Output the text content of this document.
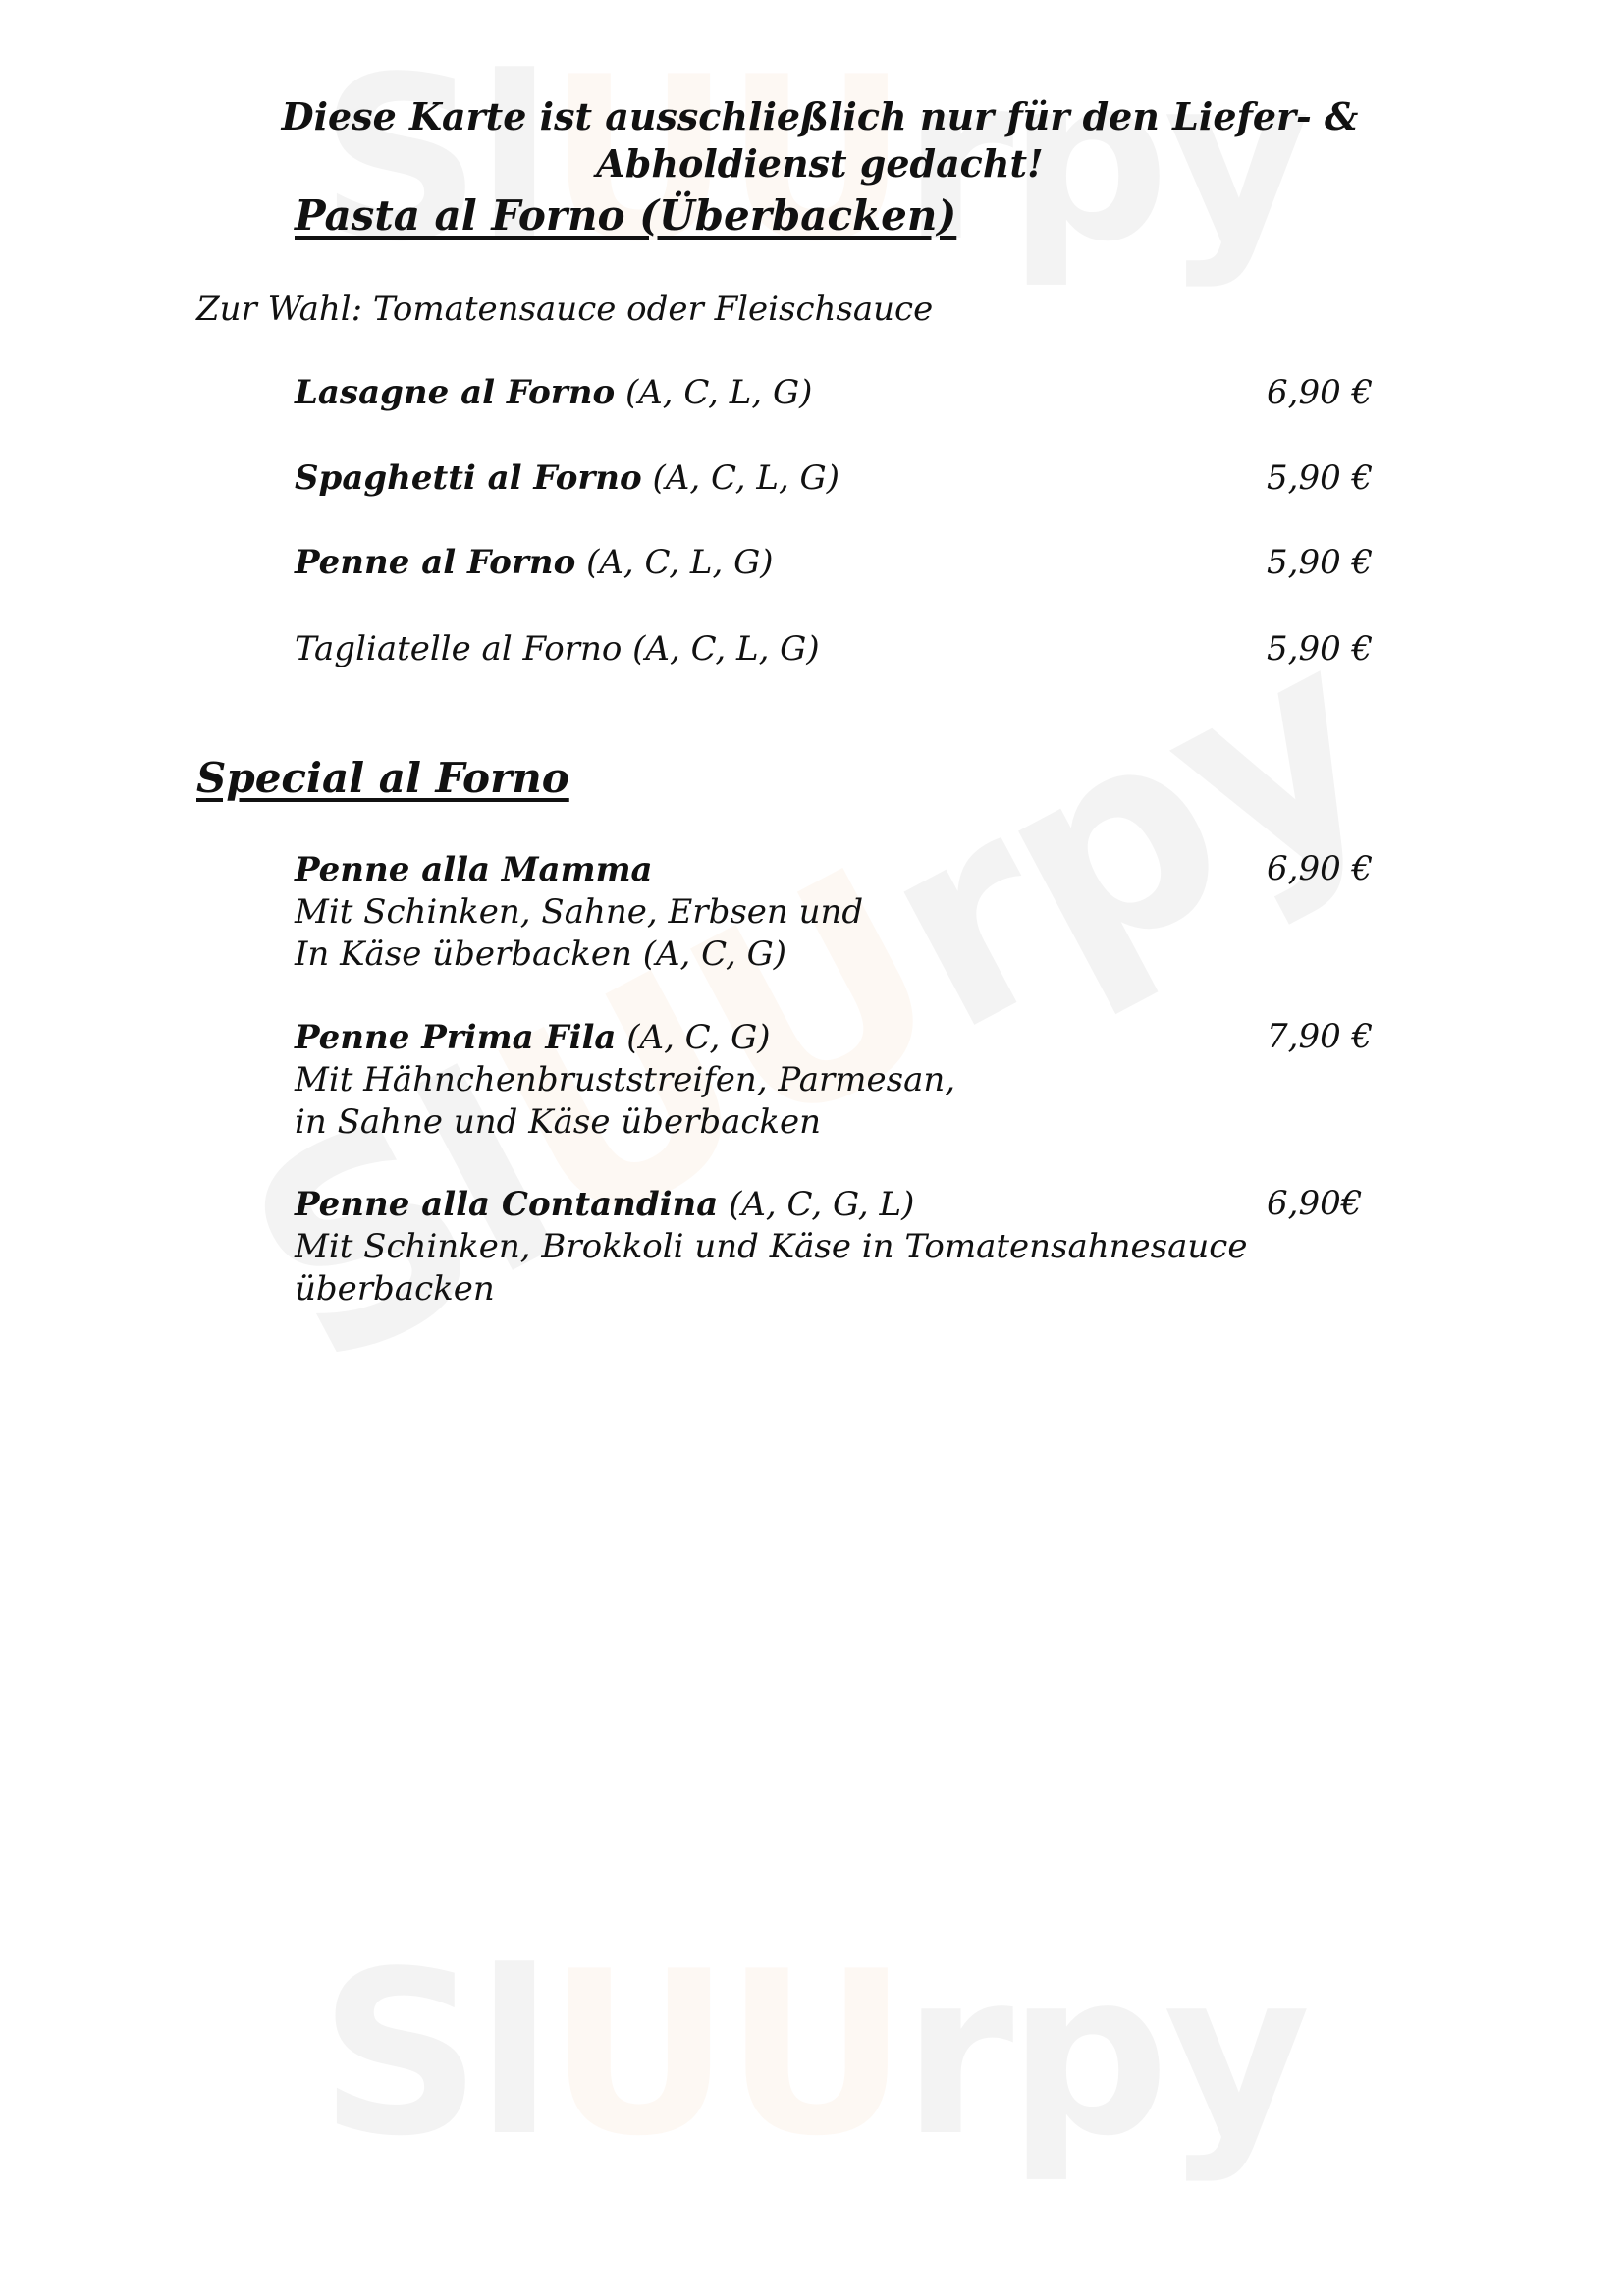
Diese Karte ist ausschließlich nur für den Liefer- & Abholdienst gedacht!
Pasta al Forno (Überbacken)
Zur Wahl: Tomatensauce oder Fleischsauce
Lasagne al Forno (A, C, L, G)	6,90 €
Spaghetti al Forno (A, C, L, G)	5,90 €
Penne al Forno (A, C, L, G)	5,90 €
Tagliatelle al Forno (A, C, L, G)	5,90 €
Special al Forno
Penne alla Mamma	6,90 €
Mit Schinken, Sahne, Erbsen und
In Käse überbacken (A, C, G)
Penne Prima Fila (A, C, G)	7,90 €
Mit Hähnchenbruststreifen, Parmesan,
in Sahne und Käse überbacken
Penne alla Contandina (A, C, G, L)	6,90€
Mit Schinken, Brokkoli und Käse in Tomatensahnesauce
überbacken
